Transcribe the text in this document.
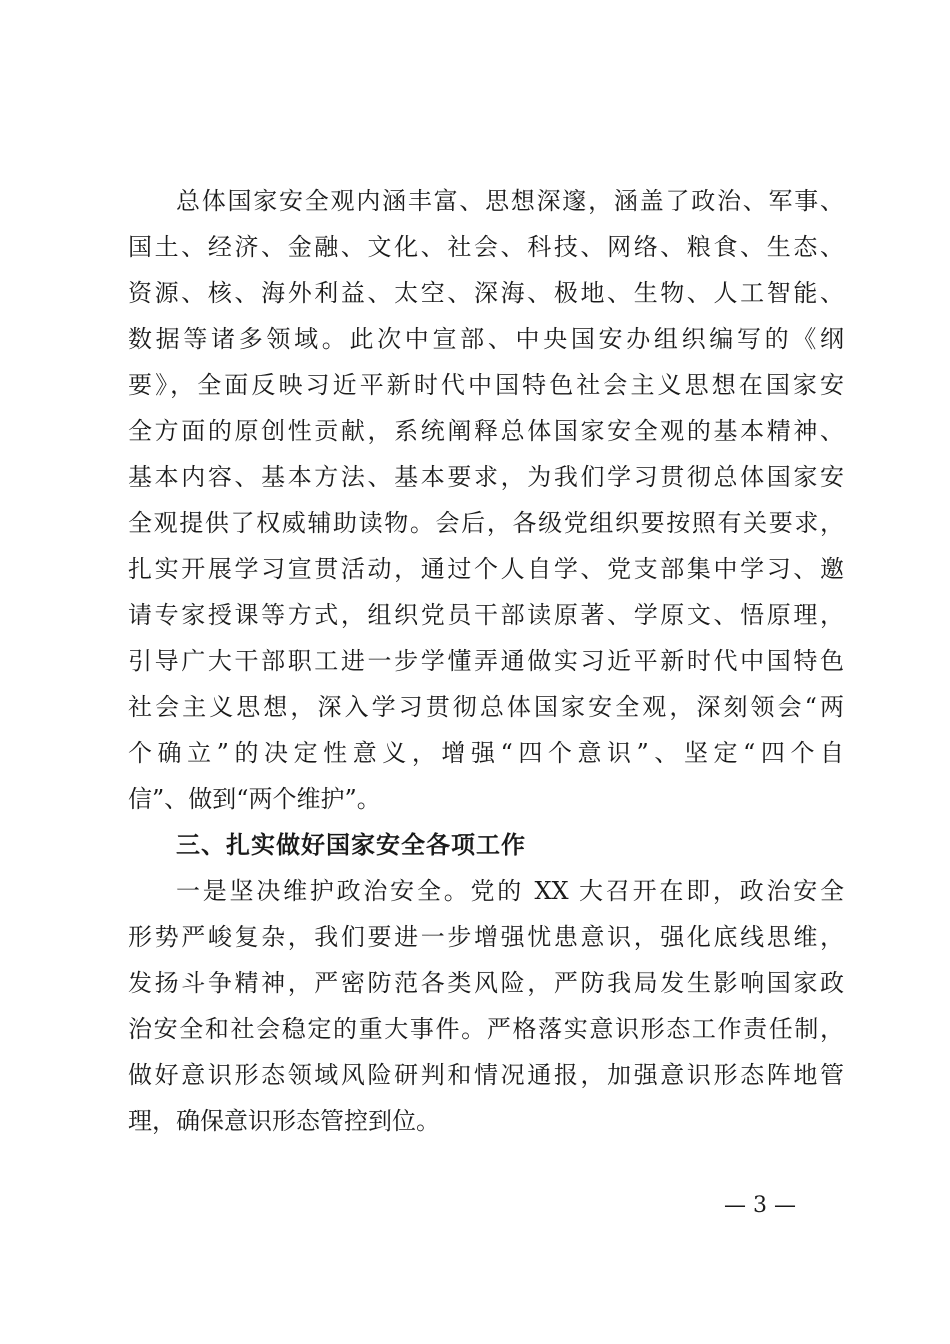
总体国家安全观内涵丰富、思想深邃，涵盖了政治、军事、
国土、经济、金融、文化、社会、科技、网络、粮食、生态、
资源、核、海外利益、太空、深海、极地、生物、人工智能、
数据等诸多领域。此次中宣部、中央国安办组织编写的《纲
要》，全面反映习近平新时代中国特色社会主义思想在国家安
全方面的原创性贡献，系统阐释总体国家安全观的基本精神、
基本内容、基本方法、基本要求，为我们学习贯彻总体国家安
全观提供了权威辅助读物。会后，各级党组织要按照有关要求，
扎实开展学习宣贯活动，通过个人自学、党支部集中学习、邀
请专家授课等方式，组织党员干部读原著、学原文、悟原理，
引导广大干部职工进一步学懂弄通做实习近平新时代中国特色
社会主义思想，深入学习贯彻总体国家安全观，深刻领会“两
个确立”的决定性意义，增强“四个意识”、坚定“四个自
信”、做到“两个维护”。
三、扎实做好国家安全各项工作
一是坚决维护政治安全。党的 XX 大召开在即，政治安全
形势严峻复杂，我们要进一步增强忧患意识，强化底线思维，
发扬斗争精神，严密防范各类风险，严防我局发生影响国家政
治安全和社会稳定的重大事件。严格落实意识形态工作责任制，
做好意识形态领域风险研判和情况通报，加强意识形态阵地管
理，确保意识形态管控到位。
— 3 —
